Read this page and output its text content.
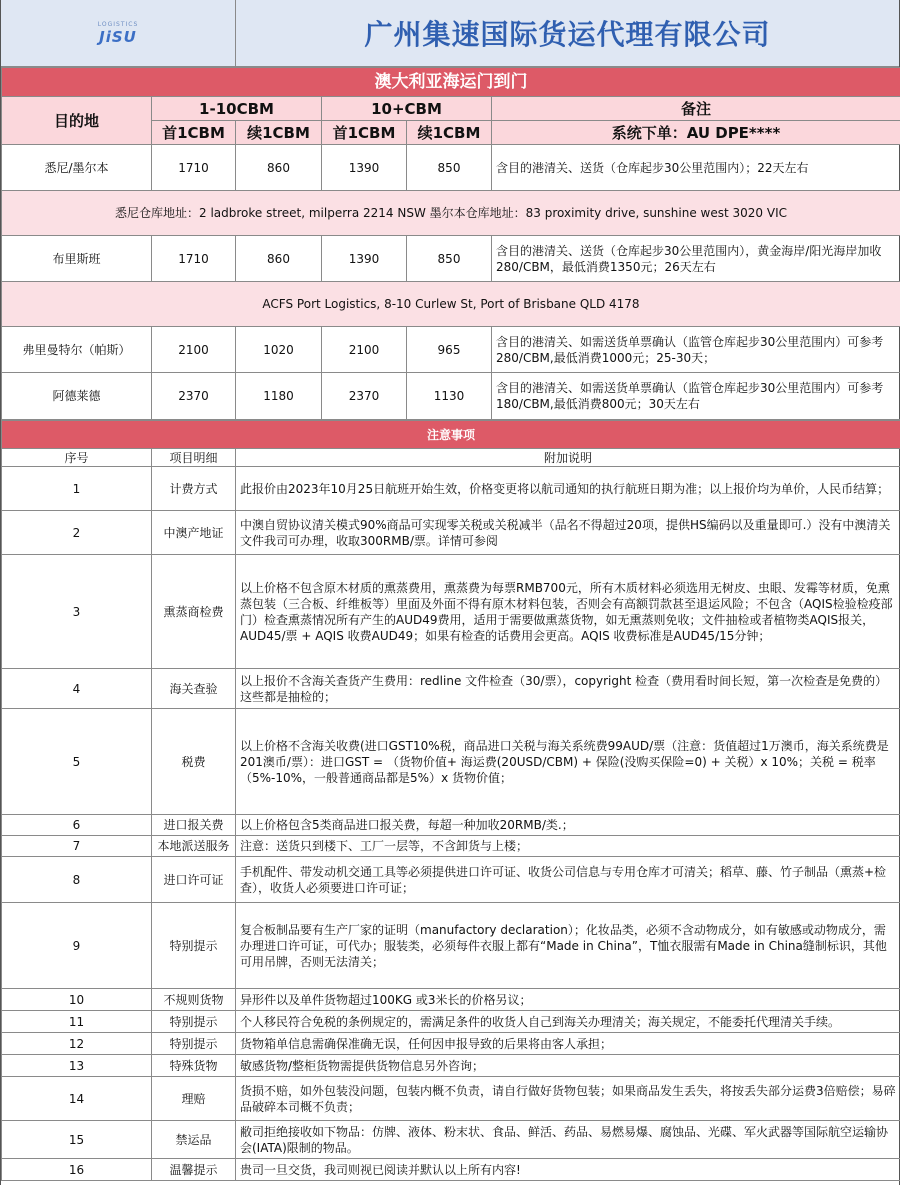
LOGISTICS
JiSU	广州集速国际货运代理有限公司
澳大利亚海运门到门					
目的地	1-10CBM		10+CBM		备注
	首1CBM	续1CBM	首1CBM	续1CBM	系统下单：AU DPE****
悉尼/墨尔本	1710	860	1390	850	含目的港清关、送货（仓库起步30公里范围内）；22天左右
悉尼仓库地址：2 ladbroke street, milperra 2214 NSW 墨尔本仓库地址：83 proximity drive, sunshine west 3020 VIC					
布里斯班	1710	860	1390	850	含目的港清关、送货（仓库起步30公里范围内），黄金海岸/阳光海岸加收280/CBM，最低消费1350元；26天左右
ACFS Port Logistics, 8-10 Curlew St, Port of Brisbane QLD 4178					
弗里曼特尔（帕斯）	2100	1020	2100	965	含目的港清关、如需送货单票确认（监管仓库起步30公里范围内）可参考280/CBM,最低消费1000元；25-30天；
阿德莱德	2370	1180	2370	1130	含目的港清关、如需送货单票确认（监管仓库起步30公里范围内）可参考180/CBM,最低消费800元；30天左右
注意事项		
序号	项目明细	附加说明
1	计费方式	此报价由2023年10月25日航班开始生效，价格变更将以航司通知的执行航班日期为准；以上报价均为单价，人民币结算；
2	中澳产地证	中澳自贸协议清关模式90%商品可实现零关税或关税减半（品名不得超过20项，提供HS编码以及重量即可.）没有中澳清关文件我司可办理，收取300RMB/票。详情可参阅
3	熏蒸商检费	以上价格不包含原木材质的熏蒸费用，熏蒸费为每票RMB700元，所有木质材料必须选用无树皮、虫眼、发霉等材质，免熏蒸包装（三合板、纤维板等）里面及外面不得有原木材料包装，否则会有高额罚款甚至退运风险；不包含（AQIS检验检疫部门）检查熏蒸情况所有产生的AUD49费用，适用于需要做熏蒸货物，如无熏蒸则免收；文件抽检或者植物类AQIS报关，AUD45/票 + AQIS 收费AUD49；如果有检查的话费用会更高。AQIS 收费标准是AUD45/15分钟；
4	海关查验	以上报价不含海关查货产生费用：redline 文件检查（30/票），copyright 检查（费用看时间长短，第一次检查是免费的）这些都是抽检的；
5	税费	以上价格不含海关收费(进口GST10%税，商品进口关税与海关系统费99AUD/票（注意：货值超过1万澳币，海关系统费是201澳币/票）：进口GST = （货物价值+ 海运费(20USD/CBM) + 保险(没购买保险=0) + 关税）x 10%；关税 = 税率（5%-10%，一般普通商品都是5%）x 货物价值；
6	进口报关费	以上价格包含5类商品进口报关费，每超一种加收20RMB/类.；
7	本地派送服务	注意：送货只到楼下、工厂一层等，不含卸货与上楼；
8	进口许可证	手机配件、带发动机交通工具等必须提供进口许可证、收货公司信息与专用仓库才可清关；稻草、藤、竹子制品（熏蒸+检查），收货人必须要进口许可证；
9	特别提示	复合板制品要有生产厂家的证明（manufactory declaration）；化妆品类，必须不含动物成分，如有敏感或动物成分，需办理进口许可证，可代办；服装类，必须每件衣服上都有“Made in China”，T恤衣服需有Made in China缝制标识，其他可用吊牌，否则无法清关；
10	不规则货物	异形件以及单件货物超过100KG 或3米长的价格另议；
11	特别提示	个人移民符合免税的条例规定的，需满足条件的收货人自己到海关办理清关；海关规定，不能委托代理清关手续。
12	特别提示	货物箱单信息需确保准确无误，任何因申报导致的后果将由客人承担；
13	特殊货物	敏感货物/整柜货物需提供货物信息另外咨询；
14	理赔	货损不赔，如外包装没问题，包装内概不负责，请自行做好货物包装；如果商品发生丢失，将按丢失部分运费3倍赔偿；易碎品破碎本司概不负责；
15	禁运品	敝司拒绝接收如下物品：仿牌、液体、粉末状、食品、鲜活、药品、易燃易爆、腐蚀品、光碟、军火武器等国际航空运输协会(IATA)限制的物品。
16	温馨提示	贵司一旦交货，我司则视已阅读并默认以上所有内容!
